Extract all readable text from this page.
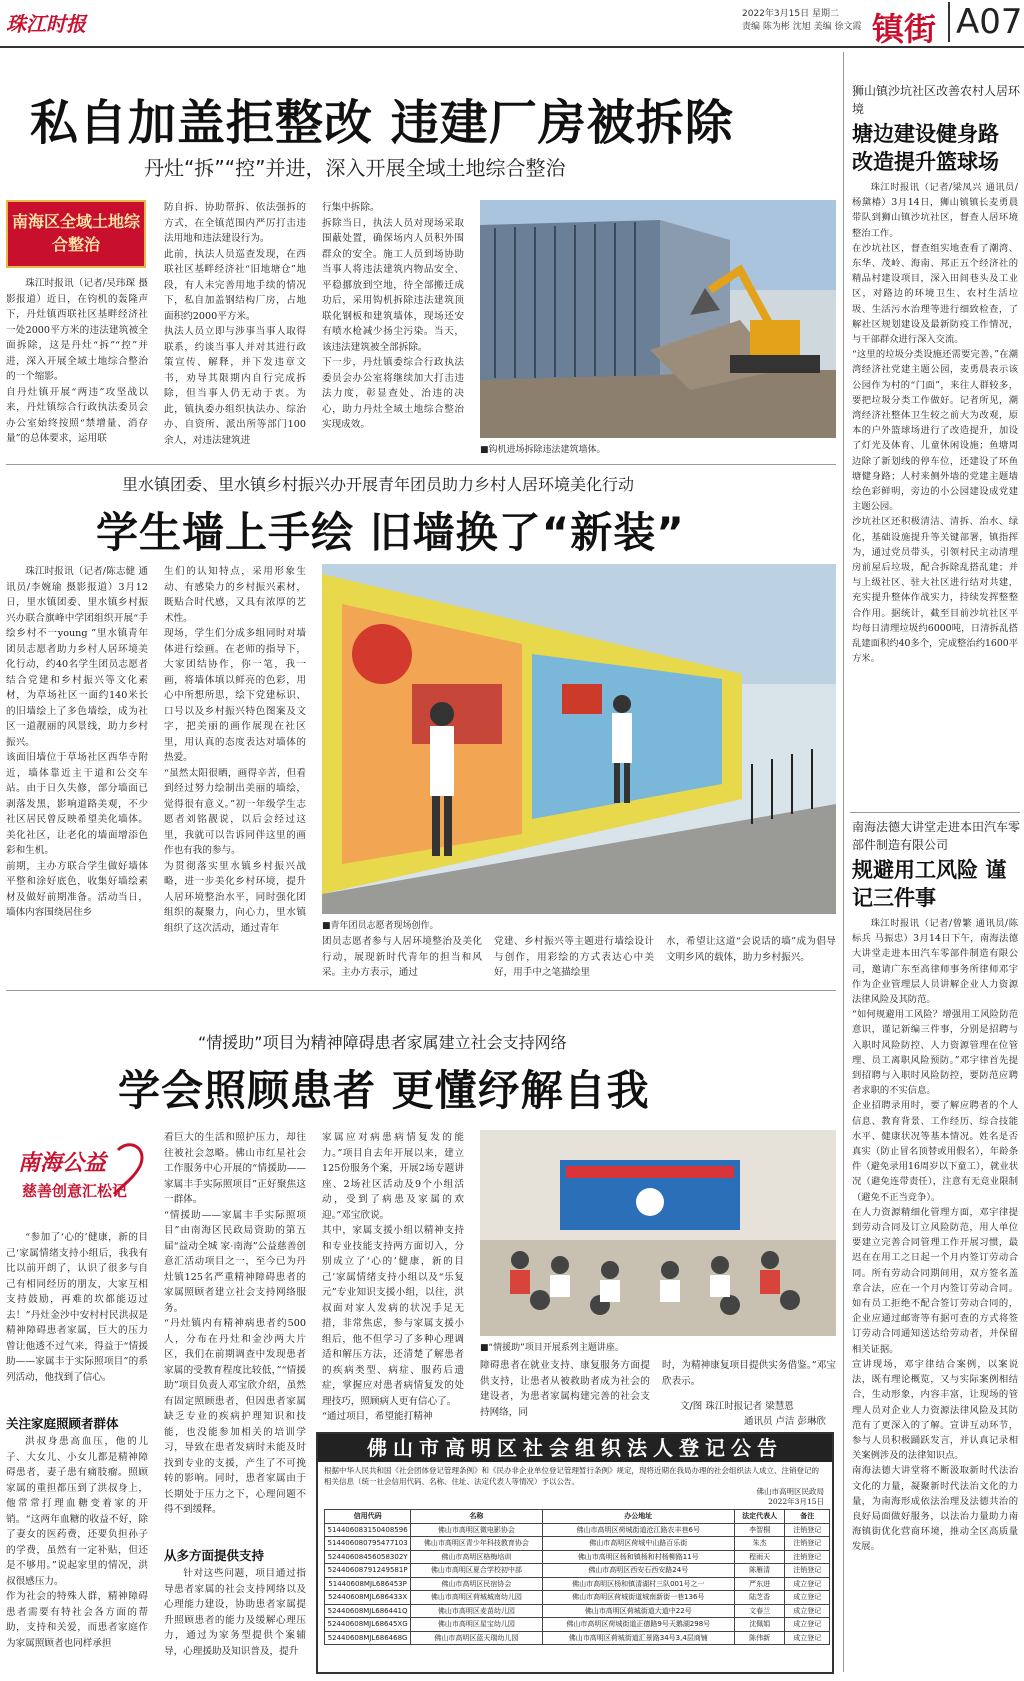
珠江时报	2022年3月15日 星期二
责编 陈为彬 沈旭 美编 徐文霞 镇街 A07
私自加盖拒整改 违建厂房被拆除
丹灶“拆”“控”并进，深入开展全域土地综合整治
南海区全域土地综合整治

珠江时报讯（记者/吴玮琛 摄影报道）近日，在钧机的轰隆声下，丹灶镇西联社区基畔经济社一处2000平方米的违法建筑被全面拆除，这是丹灶“拆”“控”并进，深入开展全域土地综合整治的一个缩影。
自丹灶镇开展“两违”攻坚战以来，丹灶镇综合行政执法委员会办公室始终按照“禁增量、消存量”的总体要求，运用联

防自拆、协助帮拆、依法强拆的方式，在全镇范围内严厉打击违法用地和违法建设行为。
此前，执法人员巡查发现，在西联社区基畔经济社“旧地塘仓”地段，有人未完善用地手续的情况下，私自加盖钢结构厂房，占地面积约2000平方米。
执法人员立即与涉事当事人取得联系，约谈当事人并对其进行政策宣传、解释，并下发违章文书，劝导其限期内自行完成拆除，但当事人仍无动于衷。为此，镇执委办组织执法办、综治办、自资所、派出所等部门100余人，对违法建筑进

行集中拆除。
拆除当日，执法人员对现场采取围蔽处置，确保场内人员积外围群众的安全。施工人员到场协助当事人将违法建筑内物品安全、平稳挪放到空地，待全部搬迁成功后，采用钩机拆除违法建筑顶联化钢板和建筑墙体，现场还安有喷水枪减少扬尘污染。当天，该违法建筑被全部拆除。
下一步，丹灶镇委综合行政执法委员会办公室将继续加大打击违法力度，彰显查处、治违的决心，助力丹灶全域土地综合整治实现成效。

■钩机进场拆除违法建筑墙体。
里水镇团委、里水镇乡村振兴办开展青年团员助力乡村人居环境美化行动
学生墙上手绘 旧墙换了“新装”

珠江时报讯（记者/陈志健 通讯员/李婉瑜 摄影报道）3月12日，里水镇团委、里水镇乡村振兴办联合旗峰中学团组织开展“手绘乡村不一young ”里水镇青年团员志愿者助力乡村人居环境美化行动，约40名学生团员志愿者结合党建和乡村振兴等文化素材，为草场社区一面约140米长的旧墙绘上了多色墙绘，成为社区一道靓丽的风景线，助力乡村振兴。
该面旧墙位于草场社区西华寺附近，墙体靠近主干道和公交车站。由于日久失修，部分墙面已剥落发黑，影响道路美观，不少社区居民曾反映希望美化墙体。美化社区，让老化的墙面增添色彩和生机。
前期，主办方联合学生做好墙体平整和涂好底色，收集好墙绘素材及做好前期准备。活动当日，墙体内容围绕居住乡

生们的认知特点，采用形象生动、有感染力的乡村振兴素材，既贴合时代感，又具有浓厚的艺术性。
现场，学生们分成多组同时对墙体进行绘画。在老师的指导下，大家团结协作，你一笔，我一画，将墙体填以鲜亮的色彩，用心中所想所思，绘下党建标识、口号以及乡村振兴特色图案及文字，把美丽的画作展现在社区里，用认真的态度表达对墙体的热爱。
“虽然太阳很晒，画得辛苦，但看到经过努力绘制出美丽的墙绘，觉得很有意义。”初一年级学生志愿者刘铭靓说，以后会经过这里，我就可以告诉同伴这里的画作也有我的参与。
为贯彻落实里水镇乡村振兴战略，进一步美化乡村环境，提升人居环境整治水平，同时强化团组织的凝聚力，向心力，里水镇组织了这次活动，通过青年	■青年团员志愿者现场创作。

团员志愿者参与人居环境整治及美化行动，展现新时代青年的担当和风采。主办方表示，通过

党建、乡村振兴等主题进行墙绘设计与创作，用彩绘的方式表达心中美好，用手中之笔描绘里

水，希望让这道“会说话的墙”成为倡导文明乡风的载体，助力乡村振兴。

“情援助”项目为精神障碍患者家属建立社会支持网络
学会照顾患者 更懂纾解自我
南海公益
慈善创意汇松记

“参加了‘心的’健康，新的目己‘家属情绪支持小组后，我我有比以前开朗了，认识了很多与自己有相同经历的朋友，大家互相支持鼓励，再难的坎都能迈过去！”丹灶金沙中安村村民洪叔是精神障碍患者家属，巨大的压力曾让他透不过气来，得益于“情援助——家属丰于实际照项目”的系列活动，他找到了信心。

关注家庭照顾者群体

洪叔身患高血压，他的儿子、大女儿、小女儿都是精神障碍患者，妻子患有痛肢瘤。照顾家属的重担都压到了洪叔身上，他常常打理血糖变着家的开销。“这两年血糖的收益不好，除了妻女的医药费，还要负担孙子的学费，虽然有一定补贴，但还是不够用。”说起家里的情况，洪叔很感压力。
作为社会的特殊人群，精神障碍患者需要有特社会各方面的帮助，支持和关爱，而患者家庭作为家属照顾者也同样承担

看巨大的生活和照护压力，却往往被社会忽略。佛山市红星社会工作服务中心开展的“情援助——家属丰手实际照项目”正好聚焦这一群体。
“情援助——家属丰手实际照项目”由南海区民政局资助的第五届“益动全城 家·南海”公益慈善创意汇活动项目之一，至今已为丹灶镇125名严重精神障碍患者的家属照顾者建立社会支持网络服务。
“丹灶镇内有精神病患者约500人，分布在丹灶和金沙两大片区，我们在前期调查中发现患者家属的受教育程度比较低，”“情援助”项目负责人邓宝欣介绍，虽然有固定照顾患者，但因患者家属缺乏专业的疾病护理知识和技能，也没能参加相关的培训学习，导致在患者发病时未能及时找到专业的支援，产生了不可挽转的影响。同时，患者家属由于长期处于压力之下，心理问题不得不到缓释。

从多方面提供支持

针对这些问题，项目通过指导患者家属的社会支持网络以及心理能力建设，协助患者家属提升照顾患者的能力及缓解心理压力，通过为家务型提供个案辅导，心理援助及知识普及，提升

家属应对病患病情复发的能力。”项目自去年开展以来，建立125份服务个案，开展2场专题讲座、2场社区活动及9个小组活动，受到了病患及家属的欢迎。”邓宝欣说。
其中，家属支援小组以精神支持和专业技能支持两方面切入，分别成立了‘心的’健康，新的目己’家属情绪支持小组以及“乐复元”专业知识支援小组，以往，洪叔面对家人发病的状况手足无措，非常焦虑，参与家属支援小组后，他不但学习了多种心理调适和解压方法，还清楚了解患者的疾病类型、病症、服药后遗症，掌握应对患者病情复发的处理技巧，照顾病人更有信心了。
“通过项目，希望能打精神

■“情援助”项目开展系列主题讲座。

障碍患者在就业支持、康复服务方面提供支持，让患者从被救助者成为社会的建设者，为患者家属构建完善的社会支持网络，同

时，为精神康复项目提供实务借鉴。”邓宝欣表示。

文/图 珠江时报记者 梁慧恩
通讯员 卢洁 彭琳欣
佛山市高明区社会组织法人登记公告
根据中华人民共和国《社会团体登记管理条例》和《民办非企业单位登记管理暂行条例》规定，现将近期在我局办理的社会组织法人成立、注销登记的相关信息（统一社会信用代码、名称、住址、法定代表人等情况）予以公告。
佛山市高明区民政局
2022年3月15日
信用代码	名称	办公地址	法定代表人	备注
51440608315040859​6	佛山市高明区微电影协会	佛山市高明区荷城街道沧江路农丰巷6号	李智桐	注销登记
51440608079547710​3	佛山市高明区青少年科技教育协会	佛山市高明区荷城中山路百乐街	朱杰	注销登记
52440608456058302Y	佛山市高明区格梅培训	佛山市高明区杨和镇杨和村杨柳路11号	程雨天	注销登记
52440608791249581P	佛山市高明区夏合学校初中部	佛山市高明区西安石西安路24号	陈雁清	注销登记
51440608MJL686453P	佛山市高明区民宿协会	佛山市高明区杨和镇清湖村三队001号之一	严东进	成立登记
52440608MJL686433X	佛山市高明区荷城城南幼儿园	佛山市高明区荷城街道城南新街一巷136号	陆芝香	成立登记
52440608MJL686441Q	佛山市高明区麦苗幼儿园	佛山市高明区荷城街道大道中22号	文春兰	成立登记
52440608MJL68645XG	佛山市高明区星宝幼儿园	佛山市高明区荷城街道正德路9号天鹅湖298号	沈佩娟	成立登记
52440608MJL686468G	佛山市高明区蓝天瑞幼儿园	佛山市高明区荷城街道汇景路34号3,4层商铺	陈伟新	成立登记
狮山镇沙坑社区改善农村人居环境
塘边建设健身路 改造提升篮球场

珠江时报讯（记者/梁凤兴 通讯员/杨黛椿）3月14日，狮山镇镇长麦勇晨带队到狮山镇沙坑社区，督查人居环境整治工作。
在沙坑社区，督查组实地查看了潮湾、东华、茂岭、海南、邦正五个经济社的精品村建设项目，深入田间巷头及工业区，对路边的环境卫生、农村生活垃圾、生活污水治理等进行细致检查，了解社区规划建设及最新防疫工作情况，与干部群众进行深入交流。
“这里的垃圾分类设施还需要完善，”在潮湾经济社党建主题公园，麦勇晨表示该公园作为村的“门面”，来往人群较多，要把垃圾分类工作做好。记者所见，潮湾经济社整体卫生较之前大为改观，原本的户外篮球场进行了改造提升，加设了灯光及体育、儿童休闲设施；鱼塘周边除了新划线的停车位，还建设了环鱼塘健身路；人村来侧外墙的党建主题墙绘色彩鲜明，旁边的小公园建设成党建主题公园。
沙坑社区还积极清洁、清拆、治水、绿化，基础设施提升等关键部署，镇指挥为，通过党员带头，引领村民主动清理房前屋后垃圾，配合拆除乱搭乱建；并与上级社区、驻大社区进行结对共建，充实提升整体作战实力，持续发挥整整合作用。据统计，截至目前沙坑社区平均每日清理垃圾约6000吨，日清拆乱搭乱建面积约40多个，完成整治约1600平方米。

南海法德大讲堂走进本田汽车零部件制造有限公司
规避用工风险 谨记三件事

珠江时报讯（记者/曾繁 通讯员/陈标兵 马振忠）3月14日下午，南海法德大讲堂走进本田汽车零部件制造有限公司，邀请广东至高律师事务所律师邓宇作为企业管理层人员讲解企业人力资源法律风险及其防范。
“如何规避用工风险？增强用工风险防范意识，谨记新编三件事，分别是招聘与入职时风险防控、人力资源管理在位管理、员工离职风险预防。”邓宇律首先提到招聘与入职时风险防控，要防范应聘者求职的不实信息。
企业招聘录用时，要了解应聘者的个人信息、教育背景、工作经历、综合技能水平、健康状况等基本情况。姓名是否真实（防止冒名顶替或用假名），年龄条件（避免录用16周岁以下童工），就业状况（避免连带责任），注意有无竞业限制（避免不正当竞争）。
在人力资源精细化管理方面，邓宇律提到劳动合同及订立风险防范，用人单位要建立完善合同管理工作开展习惯，最迟在在用工之日起一个月内签订劳动合同。所有劳动合同期间用，双方签名盖章合法，应在一个月内签订劳动合同。如有员工拒绝不配合签订劳动合同的，企业应通过邮寄等有据可查的方式将签订劳动合同通知送达给劳动者，并保留相关证据。
宣讲现场，邓宇律结合案例，以案说法，既有理论概览，又与实际案例相结合，生动形象，内容丰富，让现场的管理人员对企业人力资源法律风险及其防范有了更深入的了解。宣讲互动环节，参与人员积极踊跃发言，并认真记录相关案例涉及的法律知识点。
南海法德大讲堂将不断汲取新时代法治文化的力量，凝聚新时代法治文化的力量，为南海形成依法治理及法德共治的良好局面做好服务，以法治力量助力南海镇街优化营商环境，推动全区高质量发展。
